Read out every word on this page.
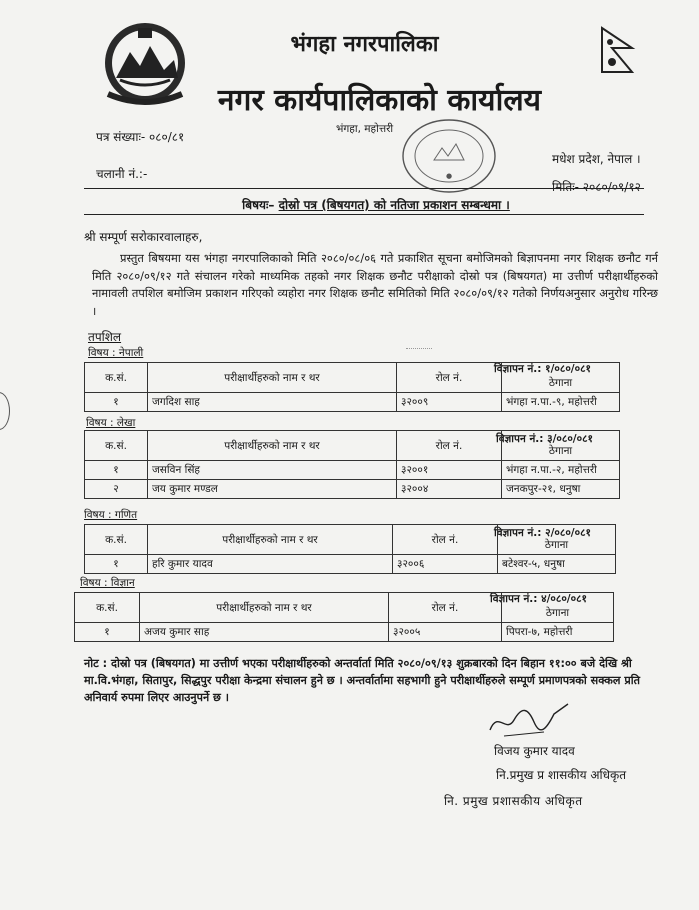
भंगहा नगरपालिका
नगर कार्यपालिकाको कार्यालय
पत्र संख्याः- ०८०/८१
भंगहा, महोत्तरी
●
मधेश प्रदेश, नेपाल ।
चलानी नं.:-
मितिः- २०८०/०९/१२
बिषयः– दोस्रो पत्र (बिषयगत) को नतिजा प्रकाशन सम्बन्धमा ।
श्री सम्पूर्ण सरोकारवालाहरु,
प्रस्तुत बिषयमा यस भंगहा नगरपालिकाको मिति २०८०/०८/०६ गते प्रकाशित सूचना बमोजिमको बिज्ञापनमा नगर शिक्षक छनौट गर्न मिति २०८०/०९/१२ गते संचालन गरेको माध्यमिक तहको नगर शिक्षक छनौट परीक्षाको दोस्रो पत्र (बिषयगत) मा उत्तीर्ण परीक्षार्थीहरुको नामावली तपशिल बमोजिम प्रकाशन गरिएको व्यहोरा नगर शिक्षक छनौट समितिको मिति २०८०/०९/१२ गतेको निर्णयअनुसार अनुरोध गरिन्छ ।
तपशिल
विषय : नेपाली
विज्ञापन नं.: १/०८०/०८१
क.सं.	परीक्षार्थीहरुको नाम र थर	रोल नं.	ठेगाना
१	जगदिश साह	३२००९	भंगहा न.पा.-९, महोत्तरी
विषय : लेखा
विज्ञापन नं.: ३/०८०/०८१
क.सं.	परीक्षार्थीहरुको नाम र थर	रोल नं.	ठेगाना
१	जसविन सिंह	३२००१	भंगहा न.पा.-२, महोत्तरी
२	जय कुमार मण्डल	३२००४	जनकपुर-२१, धनुषा
विषय : गणित
विज्ञापन नं.: २/०८०/०८१
क.सं.	परीक्षार्थीहरुको नाम र थर	रोल नं.	ठेगाना
१	हरि कुमार यादव	३२००६	बटेश्वर-५, धनुषा
विषय : विज्ञान
विज्ञापन नं.: ४/०८०/०८१
क.सं.	परीक्षार्थीहरुको नाम र थर	रोल नं.	ठेगाना
१	अजय कुमार साह	३२००५	पिपरा-७, महोत्तरी
नोट : दोस्रो पत्र (बिषयगत) मा उत्तीर्ण भएका परीक्षार्थीहरुको अन्तर्वार्ता मिति २०८०/०९/१३ शुक्रबारको दिन बिहान ११:०० बजे देखि श्री मा.वि.भंगहा, सितापुर, सिद्धपुर परीक्षा केन्द्रमा संचालन हुने छ । अन्तर्वार्तामा सहभागी हुने परीक्षार्थीहरुले सम्पूर्ण प्रमाणपत्रको सक्कल प्रति अनिवार्य रुपमा लिएर आउनुपर्ने छ ।
विजय कुमार यादव
नि.प्रमुख प्र शासकीय अधिकृत
नि. प्रमुख प्रशासकीय अधिकृत
